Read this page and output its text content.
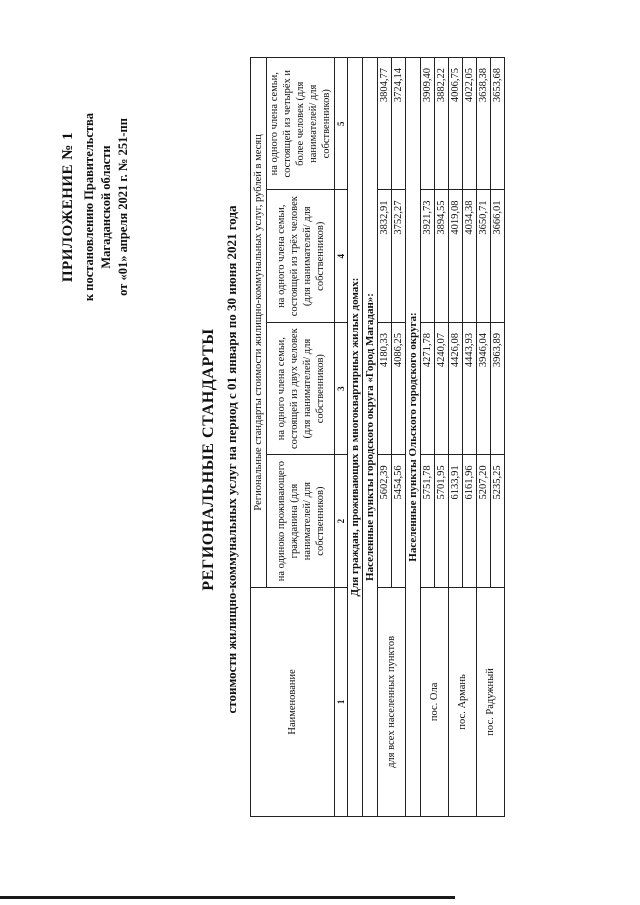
ПРИЛОЖЕНИЕ № 1 к постановлению Правительства Магаданской области от «01» апреля 2021 г. № 251-пп
РЕГИОНАЛЬНЫЕ СТАНДАРТЫ стоимости жилищно-коммунальных услуг на период с 01 января по 30 июня 2021 года	Наименование	Региональные стандарты стоимости жилищно-коммунальных услуг, рублей в месяц			
	на одиноко проживающего гражданина (для нанимателей/ для собственников)	на одного члена семьи, состоящей из двух человек (для нанимателей/ для собственников)	на одного члена семьи, состоящей из трёх человек (для нанимателей/ для собственников)	на одного члена семьи, состоящей из четырёх и более человек (для нанимателей/ для собственников)
1	2	3	4	5
Для граждан, проживающих в многоквартирных жилых домах:				
Населенные пункты городского округа «Город Магадан»:				
для всех населенных пунктов	5602,39	4180,33	3832,91	3804,77
	5454,56	4086,25	3752,27	3724,14
Населенные пункты Ольского городского округа:				
пос. Ола	5751,78	4271,78	3921,73	3909,40
	5701,95	4240,07	3894,55	3882,22
пос. Армань	6133,91	4426,08	4019,08	4006,75
	6161,96	4443,93	4034,38	4022,05
пос. Радужный	5207,20	3946,04	3650,71	3638,38
	5235,25	3963,89	3666,01	3653,68
